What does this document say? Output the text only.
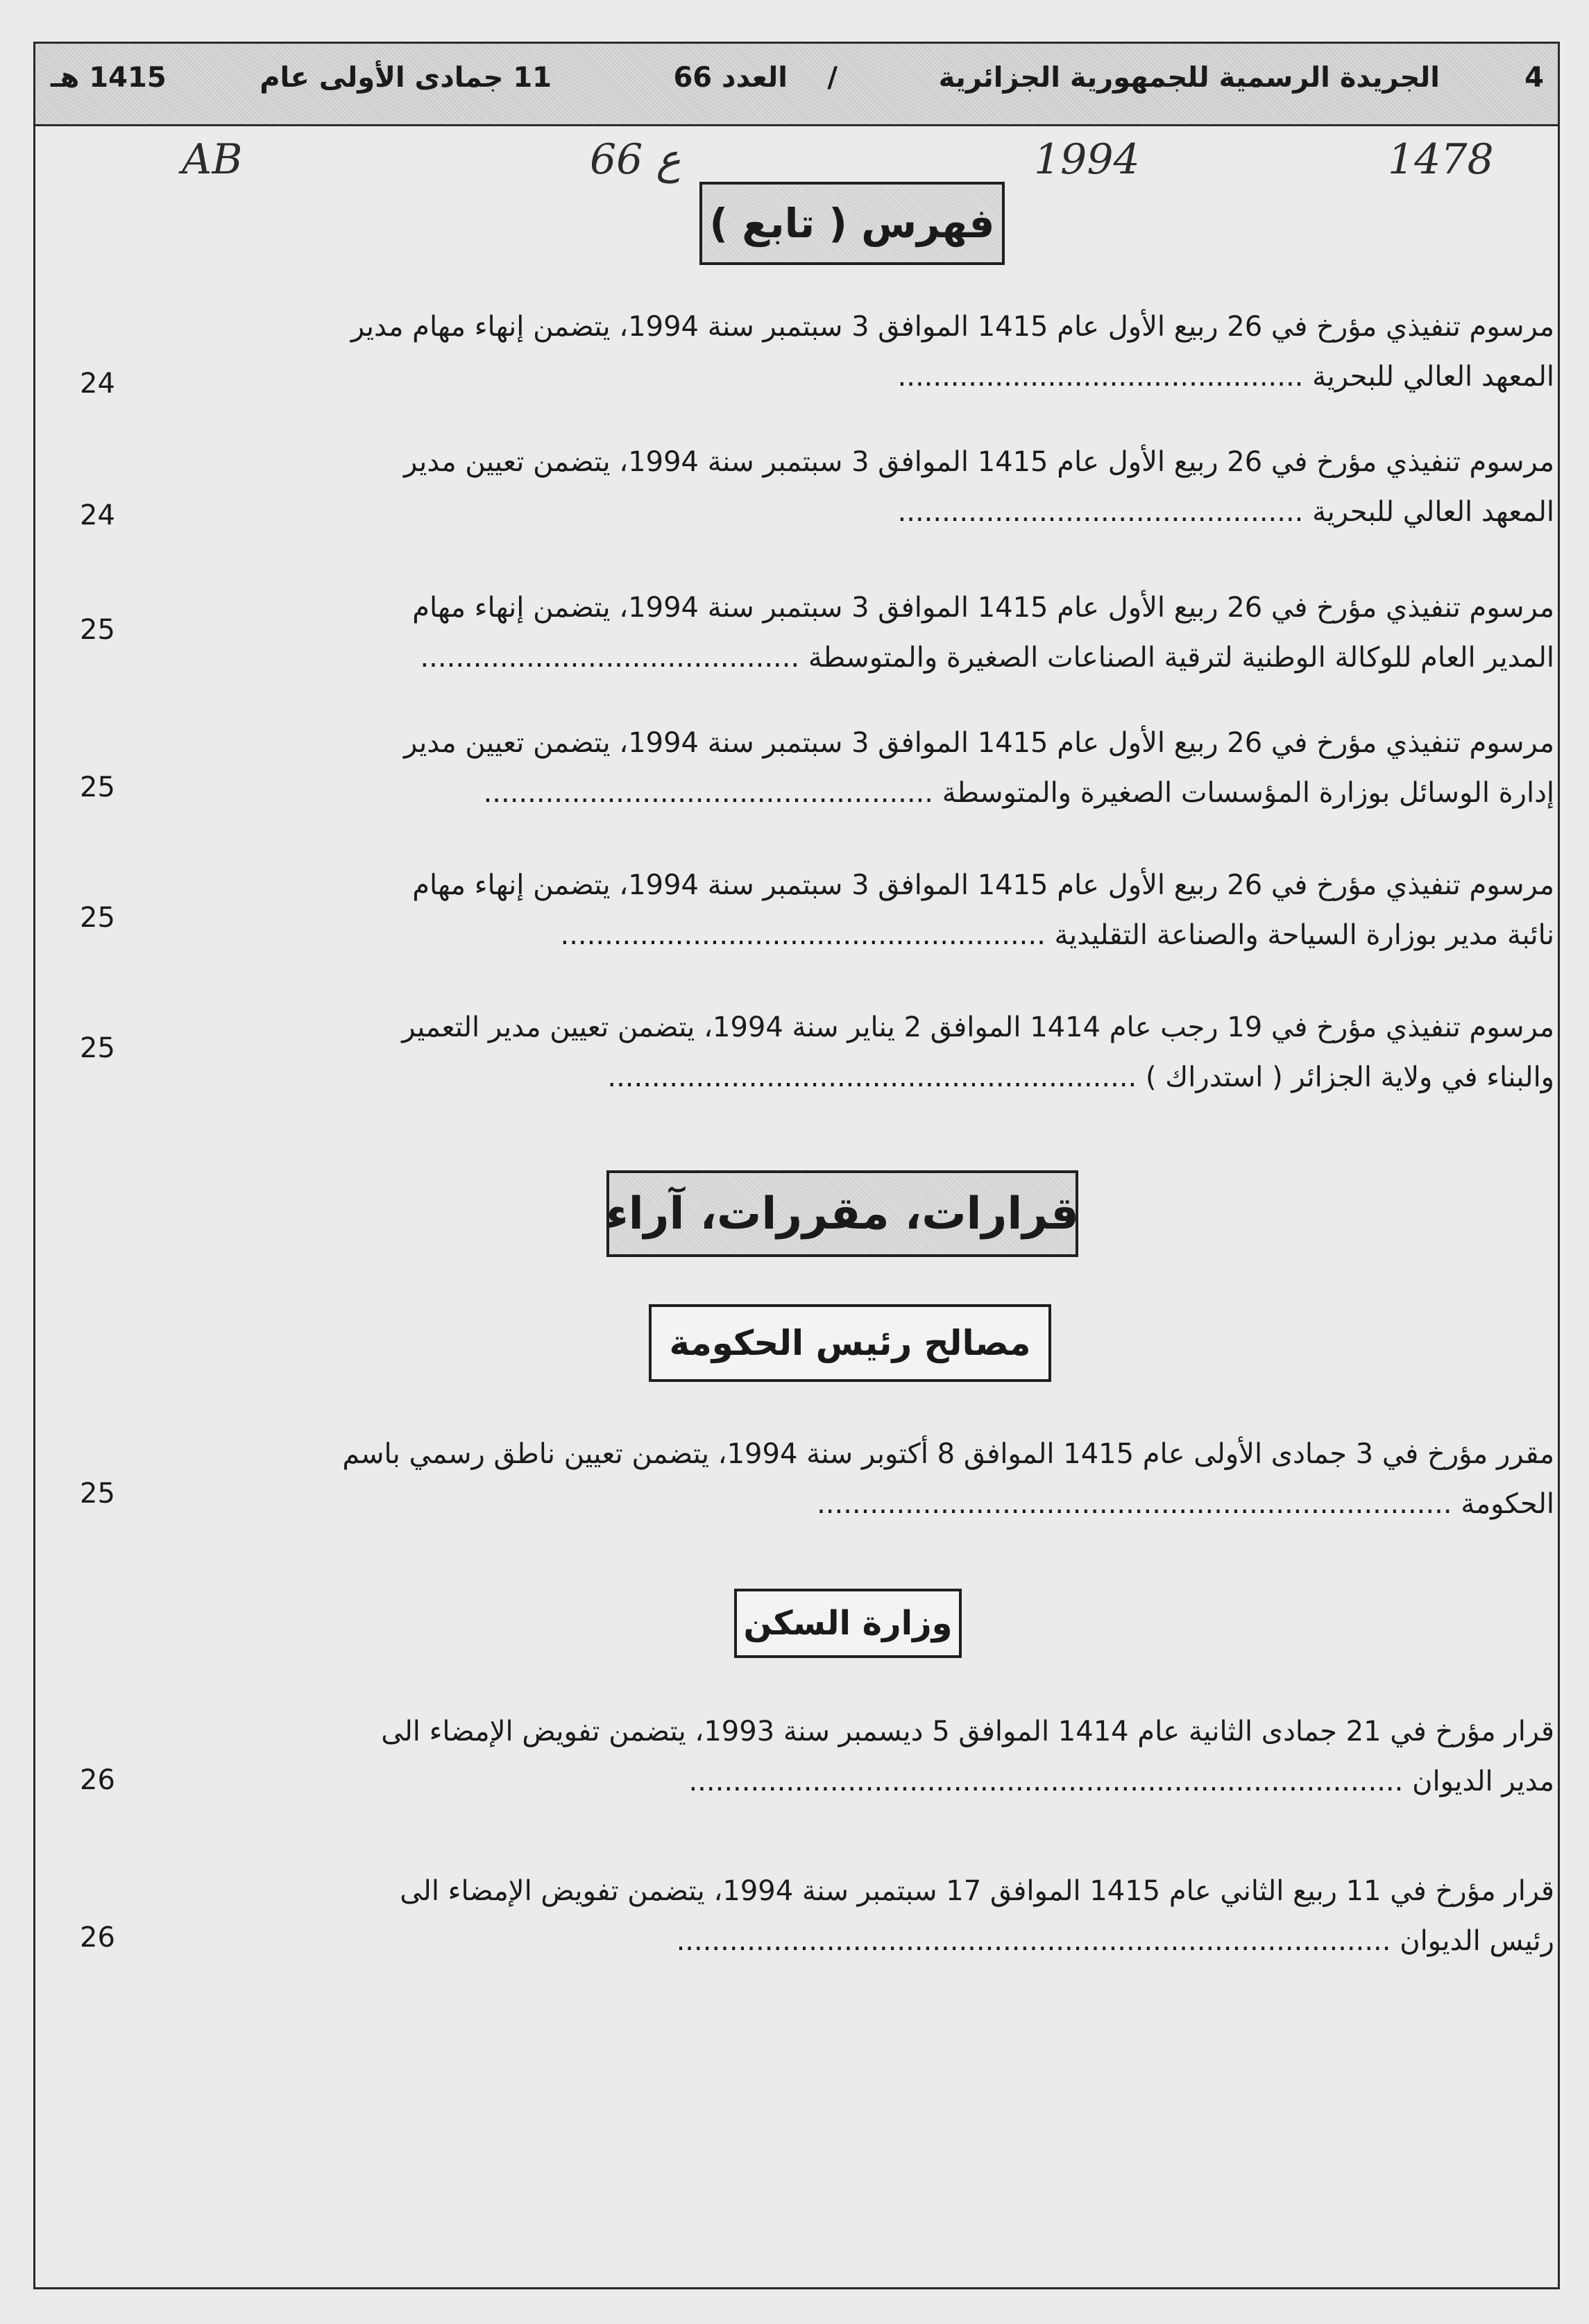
4
الجريدة الرسمية للجمهورية الجزائرية
/
العدد 66
11 جمادى الأولى عام
1415 هـ
AB	66 ع	1994	1478
فهرس ( تابع )
مرسوم تنفيذي مؤرخ في 26 ربيع الأول عام 1415 الموافق 3 سبتمبر سنة 1994، يتضمن إنهاء مهام مدير
المعهد العالي للبحرية ..............................................
24
مرسوم تنفيذي مؤرخ في 26 ربيع الأول عام 1415 الموافق 3 سبتمبر سنة 1994، يتضمن تعيين مدير
المعهد العالي للبحرية ..............................................
24
مرسوم تنفيذي مؤرخ في 26 ربيع الأول عام 1415 الموافق 3 سبتمبر سنة 1994، يتضمن إنهاء مهام
المدير العام للوكالة الوطنية لترقية الصناعات الصغيرة والمتوسطة ...........................................
25
مرسوم تنفيذي مؤرخ في 26 ربيع الأول عام 1415 الموافق 3 سبتمبر سنة 1994، يتضمن تعيين مدير
إدارة الوسائل بوزارة المؤسسات الصغيرة والمتوسطة ...................................................
25
مرسوم تنفيذي مؤرخ في 26 ربيع الأول عام 1415 الموافق 3 سبتمبر سنة 1994، يتضمن إنهاء مهام
نائبة مدير بوزارة السياحة والصناعة التقليدية .......................................................
25
مرسوم تنفيذي مؤرخ في 19 رجب عام 1414 الموافق 2 يناير سنة 1994، يتضمن تعيين مدير التعمير
والبناء في ولاية الجزائر ( استدراك ) ............................................................
25
قرارات، مقررات، آراء
مصالح رئيس الحكومة
مقرر مؤرخ في 3 جمادى الأولى عام 1415 الموافق 8 أكتوبر سنة 1994، يتضمن تعيين ناطق رسمي باسم
الحكومة ........................................................................
25
وزارة السكن
قرار مؤرخ في 21 جمادى الثانية عام 1414 الموافق 5 ديسمبر سنة 1993، يتضمن تفويض الإمضاء الى
مدير الديوان .................................................................................
26
قرار مؤرخ في 11 ربيع الثاني عام 1415 الموافق 17 سبتمبر سنة 1994، يتضمن تفويض الإمضاء الى
رئيس الديوان .................................................................................
26
